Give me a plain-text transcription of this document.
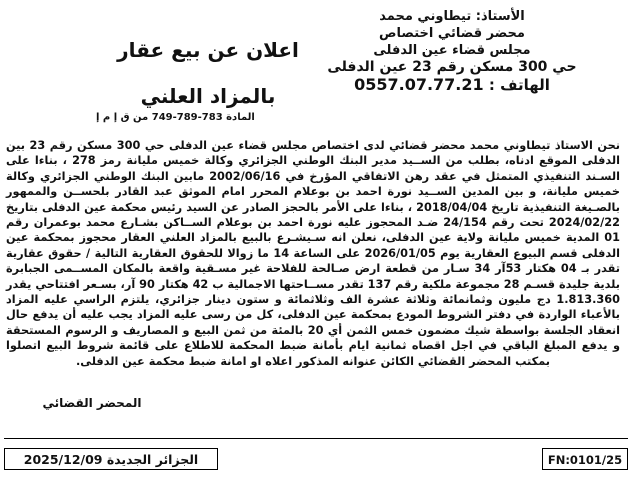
الأستاذ: تيطاوني محمد
محضر قضائي اختصاص
مجلس قضاء عين الدفلى
حي 300 مسكن رقم 23 عين الدفلى
الهاتف : 0557.07.77.21
اعلان عن بيع عقار
بالمزاد العلني
المادة 783-789-749 من ق إ م إ
نحن الاستاذ تيطاوني محمد محضر قضائي لدى اختصاص مجلس قضاء عين الدفلى حي 300 مسكن رقم 23 بين الدفلى الموقع ادناه، بطلب من الســيد مدير البنك الوطني الجزائري وكالة خميس مليانة رمز 278 ، بناءا على السـند التنفيذي المتمثل في عقد رهن الاتفاقي المؤرخ في 2002/06/16 مابين البنك الوطني الجزائري وكالة خميس مليانة، و بين المدين الســيد نورة احمد بن بوعلام المحرر امام الموثق عبد القادر بلحســن والممهور بالصـيغة التنفيذية تاريخ 2018/04/04 ، بناءا على الأمر بالحجز الصادر عن السيد رئيس محكمة عين الدفلى بتاريخ 2024/02/22 تحت رقم 24/154 ضـد المحجوز عليه نورة احمد بن بوعلام الســاكن بشـارع محمد بوعمران رقم 01 المدية خميس مليانة ولاية عين الدفلى، نعلن انه سـيشـرع بالبيع بالمزاد العلني العقار محجوز بمحكمة عين الدفلى قسم البيوع العقارية يوم 2026/01/05 على الساعة 14 ما زوالا للحقوق العقارية التالية / حقوق عقارية تقدر بـ 04 هكتار 53آر 34 سـار من قطعة ارض صـالحة للفلاحة غير مسـقية واقعة بالمكان المســمى الجبابرة بلدية جليدة قسـم 28 مجموعة ملكية رقم 137 تقدر مســاحتها الاجمالية ب 42 هكتار 90 آر، بسـعر افتتاحي يقدر 1.813.360 دج مليون وثمانمائة وثلاثة عشرة الف وثلاثمائة و ستون دينار جزائري، يلتزم الراسي عليه المزاد بالأعباء الواردة في دفتر الشروط المودع بمحكمة عين الدفلى، كل من رسى عليه المزاد يجب عليه أن يدفع حال انعقاد الجلسة بواسطة شيك مضمون خمس الثمن أي 20 بالمئة من ثمن البيع و المصاريف و الرسوم المستحقة و يدفع المبلغ الباقي في اجل اقصاه ثمانية ايام بأمانة ضبط المحكمة للاطلاع على قائمة شروط البيع اتصلوا بمكتب المحضر القضائي الكائن عنوانه المذكور اعلاه او امانة ضبط محكمة عين الدفلى.
المحضر القضائي
الجزائر الجديدة 2025/12/09	FN:0101/25
